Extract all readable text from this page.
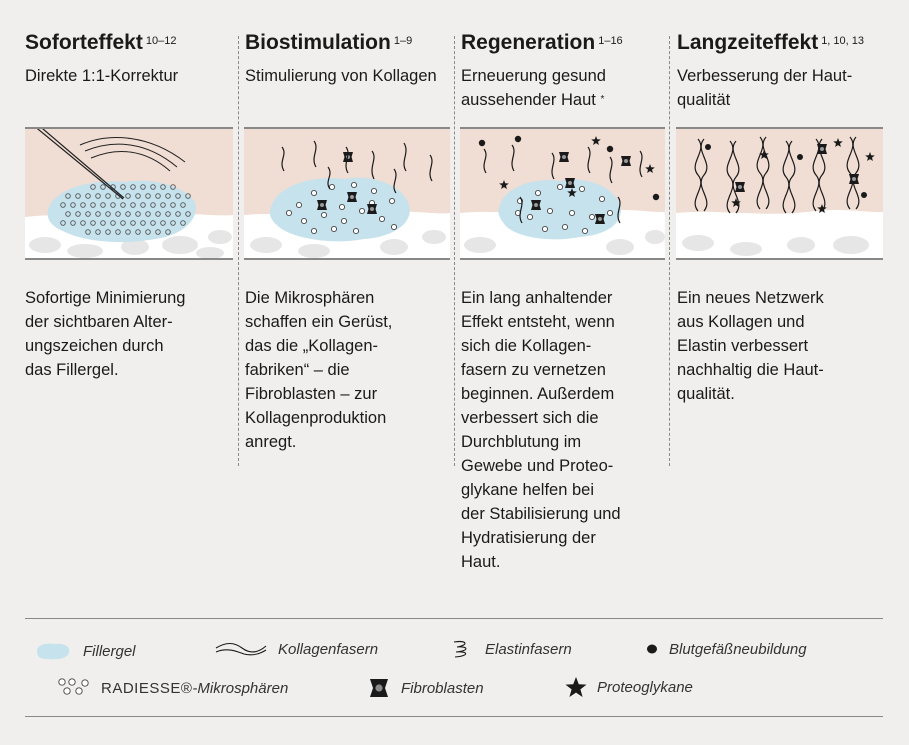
Soforteffekt $^{10-12}$
Direkte 1:1-Korrektur
Biostimulation $^{1-9}$
Stimulierung von Kollagen
Regeneration $^{1-16}$
Erneuerung gesund aussehender Haut *
Langzeiteffekt $^{1, 10, 13}$
Verbesserung der Haut-qualität
Sofortige Minimierung
der sichtbaren Alter-
ungszeichen durch
das Fillergel.
Die Mikrosphären
schaffen ein Gerüst,
das die „Kollagen-
fabriken“ – die
Fibroblasten – zur
Kollagenproduktion
anregt.
Ein lang anhaltender
Effekt entsteht, wenn
sich die Kollagen-
fasern zu vernetzen
beginnen. Außerdem
verbessert sich die
Durchblutung im
Gewebe und Proteo-
glykane helfen bei
der Stabilisierung und
Hydratisierung der
Haut.
Ein neues Netzwerk
aus Kollagen und
Elastin verbessert
nachhaltig die Haut-
qualität.
Fillergel	Kollagenfasern	Elastinfasern	Blutgefäßneubildung
RADIESSE®-Mikrosphären	Fibroblasten	Proteoglykane
